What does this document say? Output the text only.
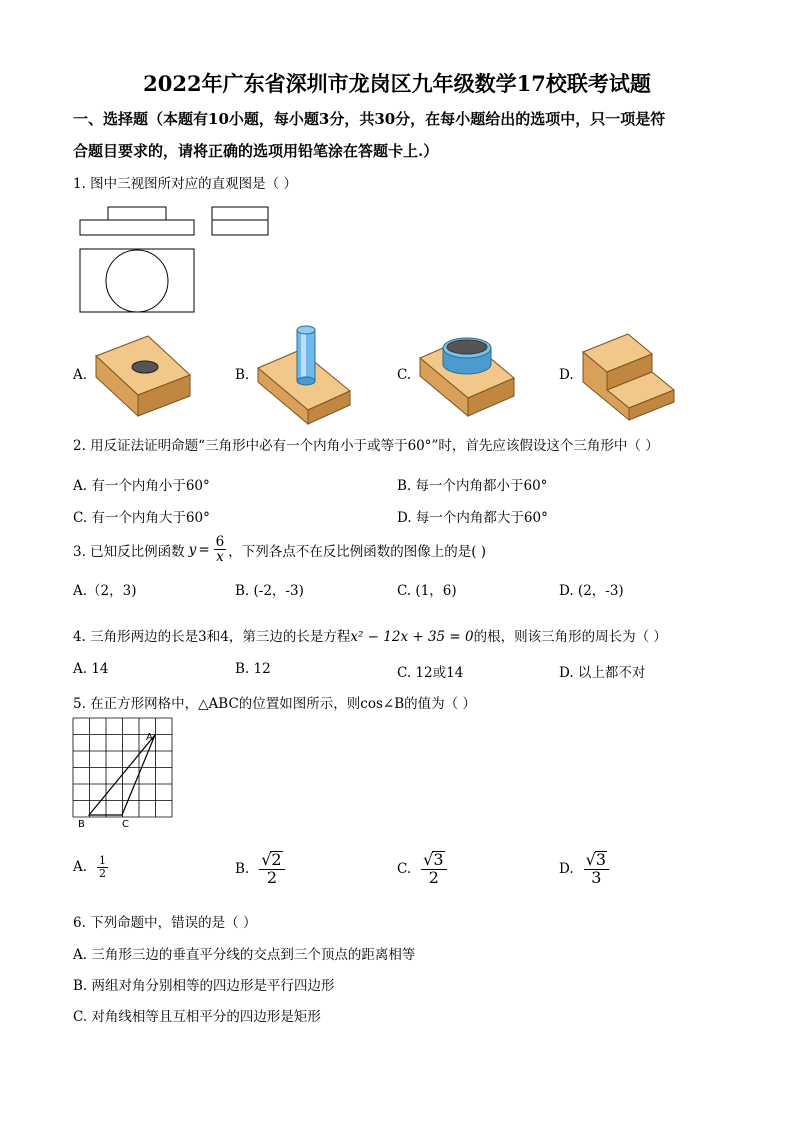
2022年广东省深圳市龙岗区九年级数学17校联考试题
一、选择题（本题有10小题，每小题3分，共30分，在每小题给出的选项中，只一项是符
合题目要求的，请将正确的选项用铅笔涂在答题卡上.）
1. 图中三视图所对应的直观图是（ ）
A.	B.	C.	D.
2. 用反证法证明命题“三角形中必有一个内角小于或等于60°”时，首先应该假设这个三角形中（ ）
A. 有一个内角小于60°	B. 每一个内角都小于60°
C. 有一个内角大于60°	D. 每一个内角都大于60°
3. 已知反比例函数 $y = \frac{6}{x}$ ，下列各点不在反比例函数的图像上的是( )
A.（2，3)	B. (-2，-3)	C. (1，6)	D. (2，-3)
4. 三角形两边的长是3和4，第三边的长是方程x² − 12x + 35 = 0的根，则该三角形的周长为（ ）
A. 14	B. 12	C. 12或14	D. 以上都不对
5. 在正方形网格中，△ABC的位置如图所示，则cos∠B的值为（ ）
A
B	C
A. $\frac{1}{2}$	B. $\frac{√2}{2}$	C. $\frac{√3}{2}$	D. $\frac{√3}{3}$
6. 下列命题中，错误的是（ ）
A. 三角形三边的垂直平分线的交点到三个顶点的距离相等
B. 两组对角分别相等的四边形是平行四边形
C. 对角线相等且互相平分的四边形是矩形
